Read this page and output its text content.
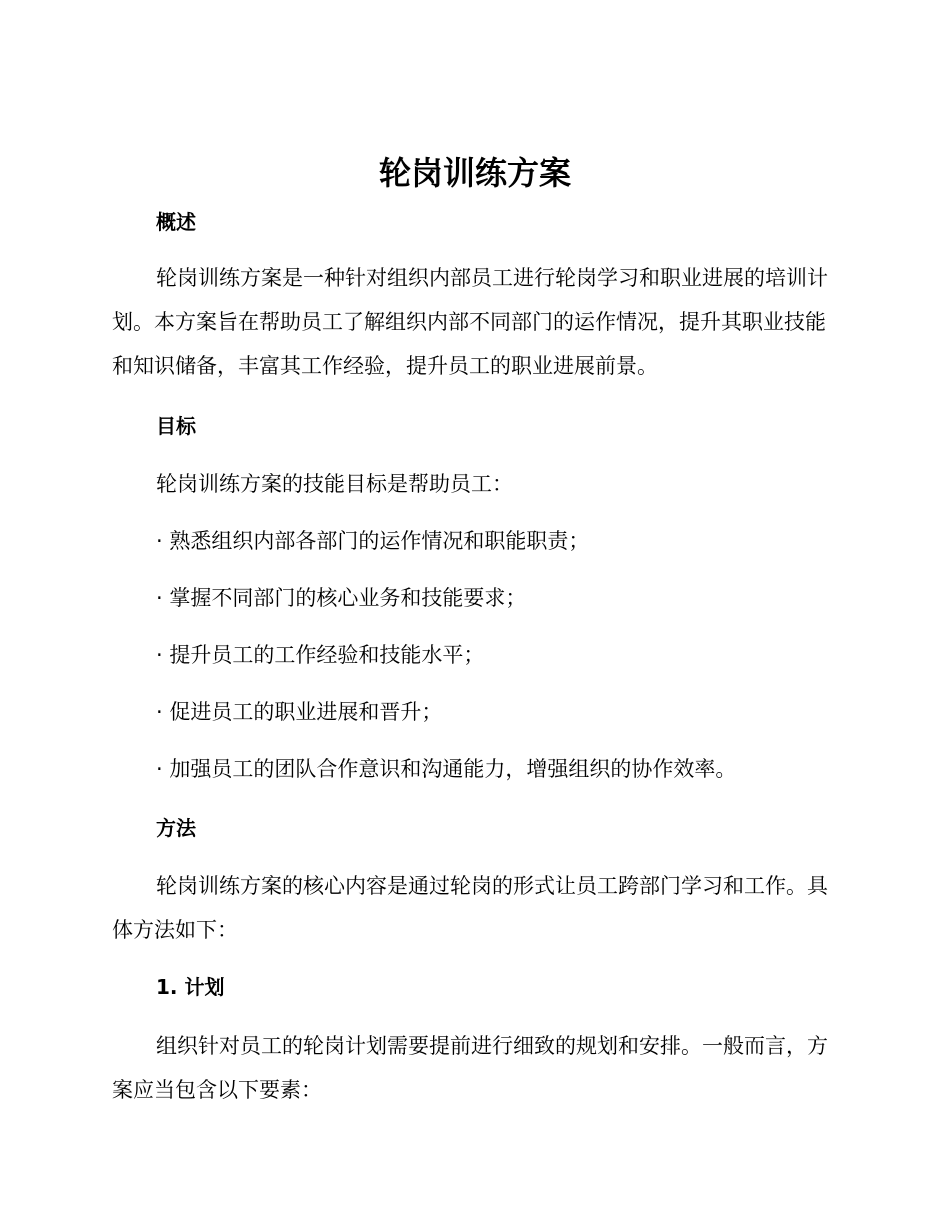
轮岗训练方案
概述
轮岗训练方案是一种针对组织内部员工进行轮岗学习和职业进展的培训计划。本方案旨在帮助员工了解组织内部不同部门的运作情况，提升其职业技能和知识储备，丰富其工作经验，提升员工的职业进展前景。
目标
轮岗训练方案的技能目标是帮助员工：
· 熟悉组织内部各部门的运作情况和职能职责；
· 掌握不同部门的核心业务和技能要求；
· 提升员工的工作经验和技能水平；
· 促进员工的职业进展和晋升；
· 加强员工的团队合作意识和沟通能力，增强组织的协作效率。
方法
轮岗训练方案的核心内容是通过轮岗的形式让员工跨部门学习和工作。具体方法如下：
1. 计划
组织针对员工的轮岗计划需要提前进行细致的规划和安排。一般而言，方案应当包含以下要素：
